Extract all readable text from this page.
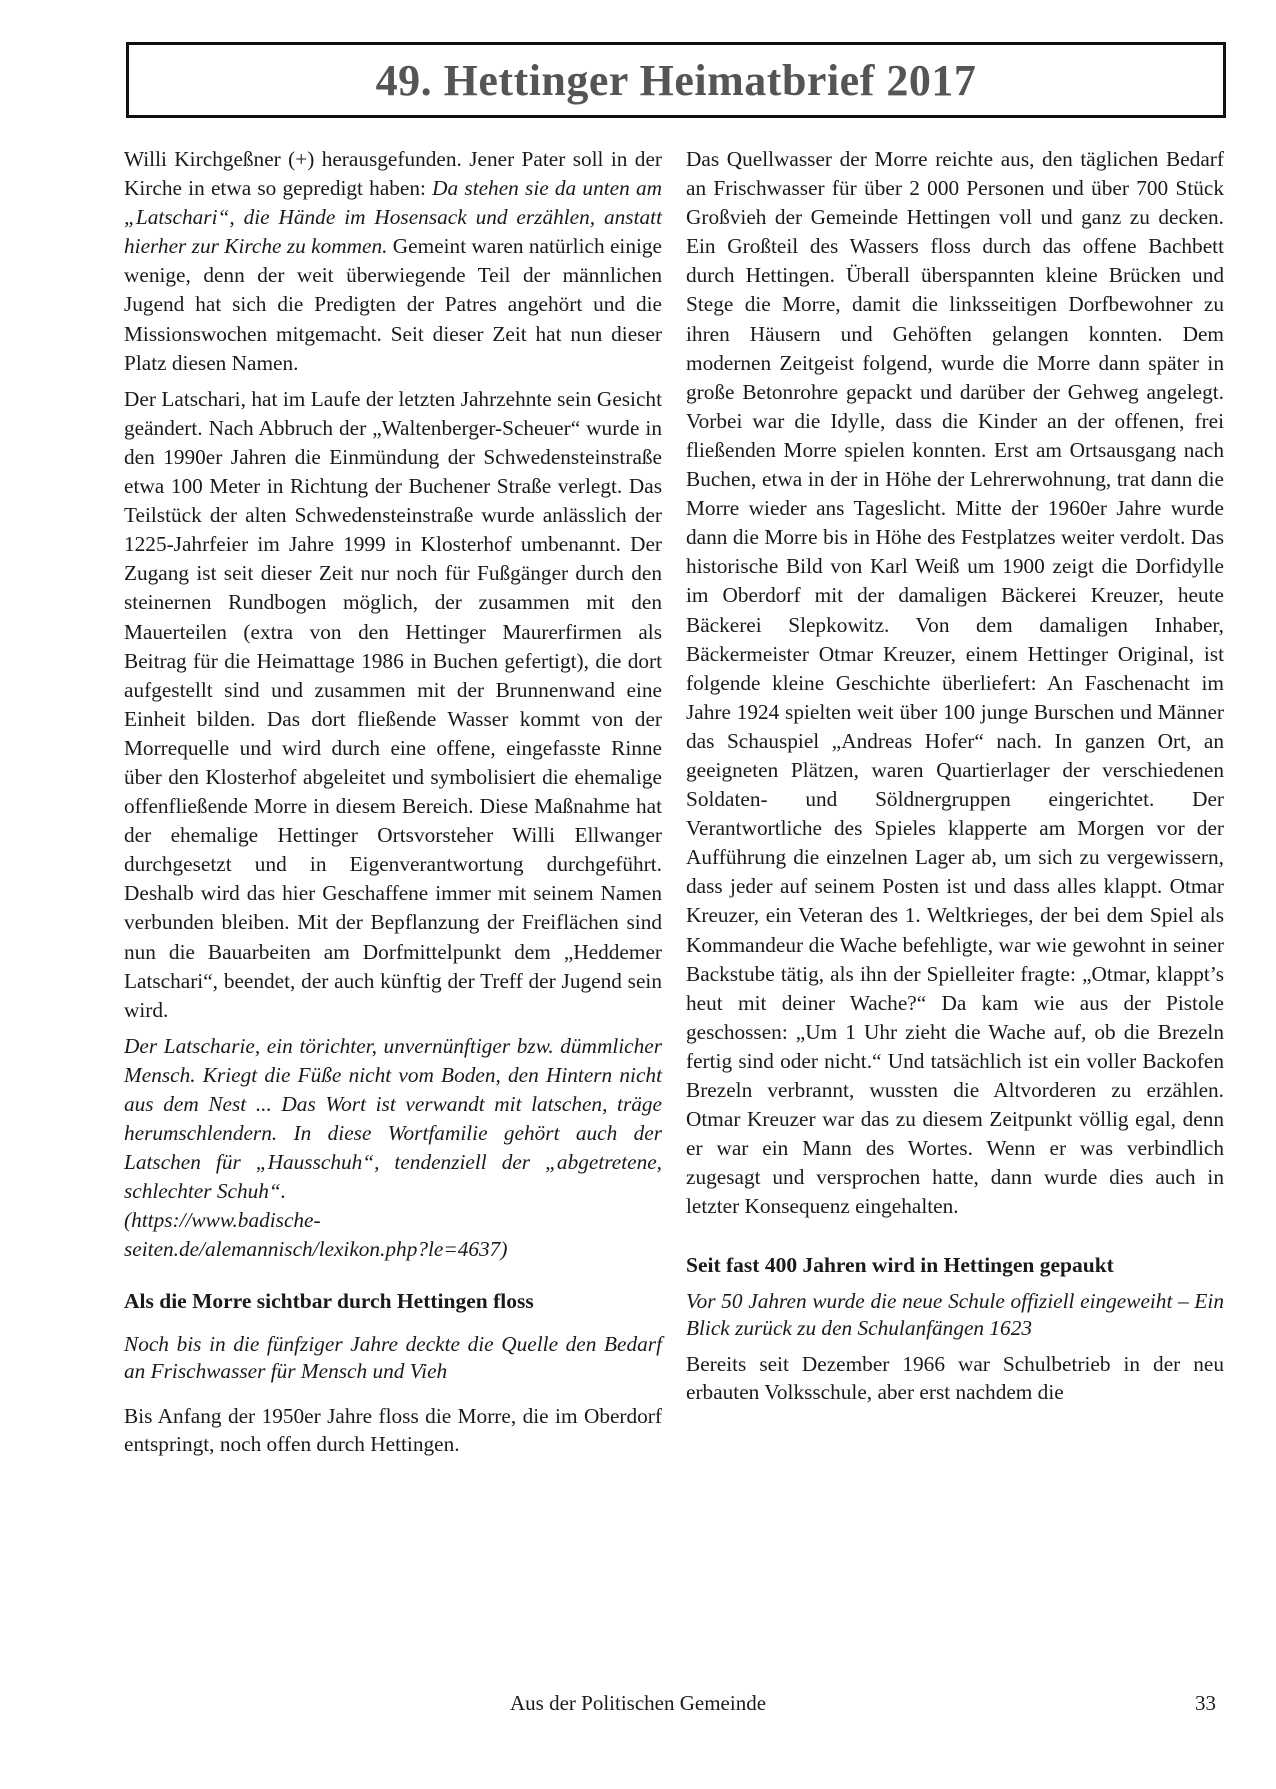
49. Hettinger Heimatbrief 2017

Willi Kirchgeßner (+) herausgefunden. Jener Pater soll in der Kirche in etwa so gepredigt haben: Da stehen sie da unten am „Latschari“, die Hände im Hosensack und erzählen, anstatt hierher zur Kirche zu kommen. Gemeint waren natürlich einige wenige, denn der weit überwiegende Teil der männlichen Jugend hat sich die Predigten der Patres angehört und die Missionswochen mitgemacht. Seit dieser Zeit hat nun dieser Platz diesen Namen.

Der Latschari, hat im Laufe der letzten Jahrzehnte sein Gesicht geändert. Nach Abbruch der „Waltenberger-Scheuer“ wurde in den 1990er Jahren die Einmündung der Schwedensteinstraße etwa 100 Meter in Richtung der Buchener Straße verlegt. Das Teilstück der alten Schwedensteinstraße wurde anlässlich der 1225-Jahrfeier im Jahre 1999 in Klosterhof umbenannt. Der Zugang ist seit dieser Zeit nur noch für Fußgänger durch den steinernen Rundbogen möglich, der zusammen mit den Mauerteilen (extra von den Hettinger Maurerfirmen als Beitrag für die Heimattage 1986 in Buchen gefertigt), die dort aufgestellt sind und zusammen mit der Brunnenwand eine Einheit bilden. Das dort fließende Wasser kommt von der Morrequelle und wird durch eine offene, eingefasste Rinne über den Klosterhof abgeleitet und symbolisiert die ehemalige offenfließende Morre in diesem Bereich. Diese Maßnahme hat der ehemalige Hettinger Ortsvorsteher Willi Ellwanger durchgesetzt und in Eigenverantwortung durchgeführt. Deshalb wird das hier Geschaffene immer mit seinem Namen verbunden bleiben. Mit der Bepflanzung der Freiflächen sind nun die Bauarbeiten am Dorfmittelpunkt dem „Heddemer Latschari“, beendet, der auch künftig der Treff der Jugend sein wird.

Der Latscharie, ein törichter, unvernünftiger bzw. dümmlicher Mensch. Kriegt die Füße nicht vom Boden, den Hintern nicht aus dem Nest ... Das Wort ist verwandt mit latschen, träge herumschlendern. In diese Wortfamilie gehört auch der Latschen für „Hausschuh“, tendenziell der „abgetretene, schlechter Schuh“.

(https://www.badische-

seiten.de/alemannisch/lexikon.php?le=4637)

Als die Morre sichtbar durch Hettingen floss

Noch bis in die fünfziger Jahre deckte die Quelle den Bedarf an Frischwasser für Mensch und Vieh

Bis Anfang der 1950er Jahre floss die Morre, die im Oberdorf entspringt, noch offen durch Hettingen.

Das Quellwasser der Morre reichte aus, den täglichen Bedarf an Frischwasser für über 2 000 Personen und über 700 Stück Großvieh der Gemeinde Hettingen voll und ganz zu decken. Ein Großteil des Wassers floss durch das offene Bachbett durch Hettingen. Überall überspannten kleine Brücken und Stege die Morre, damit die linksseitigen Dorfbewohner zu ihren Häusern und Gehöften gelangen konnten. Dem modernen Zeitgeist folgend, wurde die Morre dann später in große Betonrohre gepackt und darüber der Gehweg angelegt. Vorbei war die Idylle, dass die Kinder an der offenen, frei fließenden Morre spielen konnten. Erst am Ortsausgang nach Buchen, etwa in der in Höhe der Lehrerwohnung, trat dann die Morre wieder ans Tageslicht. Mitte der 1960er Jahre wurde dann die Morre bis in Höhe des Festplatzes weiter verdolt. Das historische Bild von Karl Weiß um 1900 zeigt die Dorfidylle im Oberdorf mit der damaligen Bäckerei Kreuzer, heute Bäckerei Slepkowitz. Von dem damaligen Inhaber, Bäckermeister Otmar Kreuzer, einem Hettinger Original, ist folgende kleine Geschichte überliefert: An Faschenacht im Jahre 1924 spielten weit über 100 junge Burschen und Männer das Schauspiel „Andreas Hofer“ nach. In ganzen Ort, an geeigneten Plätzen, waren Quartierlager der verschiedenen Soldaten- und Söldnergruppen eingerichtet. Der Verantwortliche des Spieles klapperte am Morgen vor der Aufführung die einzelnen Lager ab, um sich zu vergewissern, dass jeder auf seinem Posten ist und dass alles klappt. Otmar Kreuzer, ein Veteran des 1. Weltkrieges, der bei dem Spiel als Kommandeur die Wache befehligte, war wie gewohnt in seiner Backstube tätig, als ihn der Spielleiter fragte: „Otmar, klappt’s heut mit deiner Wache?“ Da kam wie aus der Pistole geschossen: „Um 1 Uhr zieht die Wache auf, ob die Brezeln fertig sind oder nicht.“ Und tatsächlich ist ein voller Backofen Brezeln verbrannt, wussten die Altvorderen zu erzählen. Otmar Kreuzer war das zu diesem Zeitpunkt völlig egal, denn er war ein Mann des Wortes. Wenn er was verbindlich zugesagt und versprochen hatte, dann wurde dies auch in letzter Konsequenz eingehalten.

Seit fast 400 Jahren wird in Hettingen gepaukt

Vor 50 Jahren wurde die neue Schule offiziell eingeweiht – Ein Blick zurück zu den Schulanfängen 1623

Bereits seit Dezember 1966 war Schulbetrieb in der neu erbauten Volksschule, aber erst nachdem die

Aus der Politischen Gemeinde	33
